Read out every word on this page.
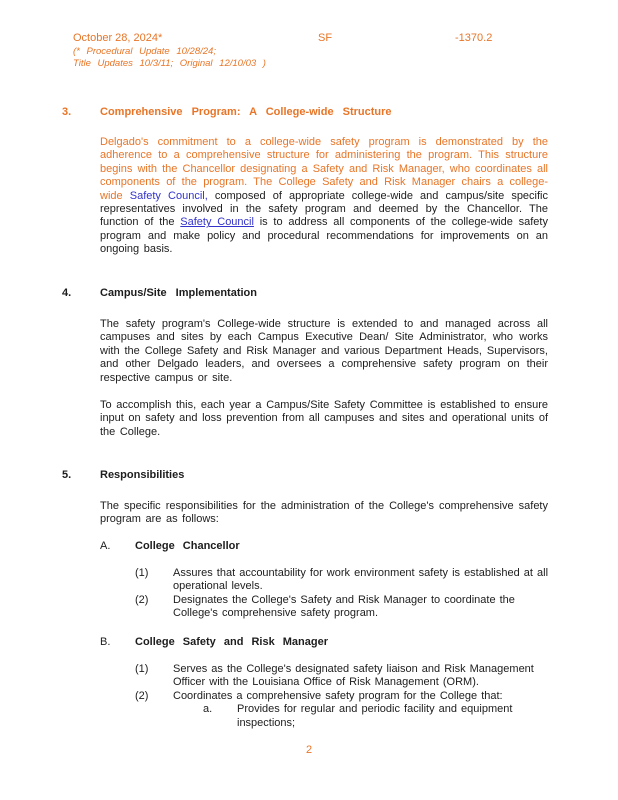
October 28, 2024*	SF	-1370.2
(* Procedural Update 10/28/24;
Title Updates 10/3/11; Original 12/10/03 )
3.	Comprehensive Program: A College-wide Structure
Delgado's commitment to a college-wide safety program is demonstrated by the adherence to a comprehensive structure for administering the program. This structure begins with the Chancellor designating a Safety and Risk Manager, who coordinates all components of the program. The College Safety and Risk Manager chairs a college-wide Safety Council, composed of appropriate college-wide and campus/site specific representatives involved in the safety program and deemed by the Chancellor. The function of the Safety Council is to address all components of the college-wide safety program and make policy and procedural recommendations for improvements on an ongoing basis.
4.	Campus/Site Implementation
The safety program's College-wide structure is extended to and managed across all campuses and sites by each Campus Executive Dean/ Site Administrator, who works with the College Safety and Risk Manager and various Department Heads, Supervisors, and other Delgado leaders, and oversees a comprehensive safety program on their respective campus or site.
To accomplish this, each year a Campus/Site Safety Committee is established to ensure input on safety and loss prevention from all campuses and sites and operational units of the College.
5.	Responsibilities
The specific responsibilities for the administration of the College's comprehensive safety program are as follows:
A.	College Chancellor
(1)	Assures that accountability for work environment safety is established at all operational levels.
(2)	Designates the College's Safety and Risk Manager to coordinate the College's comprehensive safety program.
B.	College Safety and Risk Manager
(1)	Serves as the College's designated safety liaison and Risk Management Officer with the Louisiana Office of Risk Management (ORM).
(2)	Coordinates a comprehensive safety program for the College that:
a.	Provides for regular and periodic facility and equipment inspections;
2
